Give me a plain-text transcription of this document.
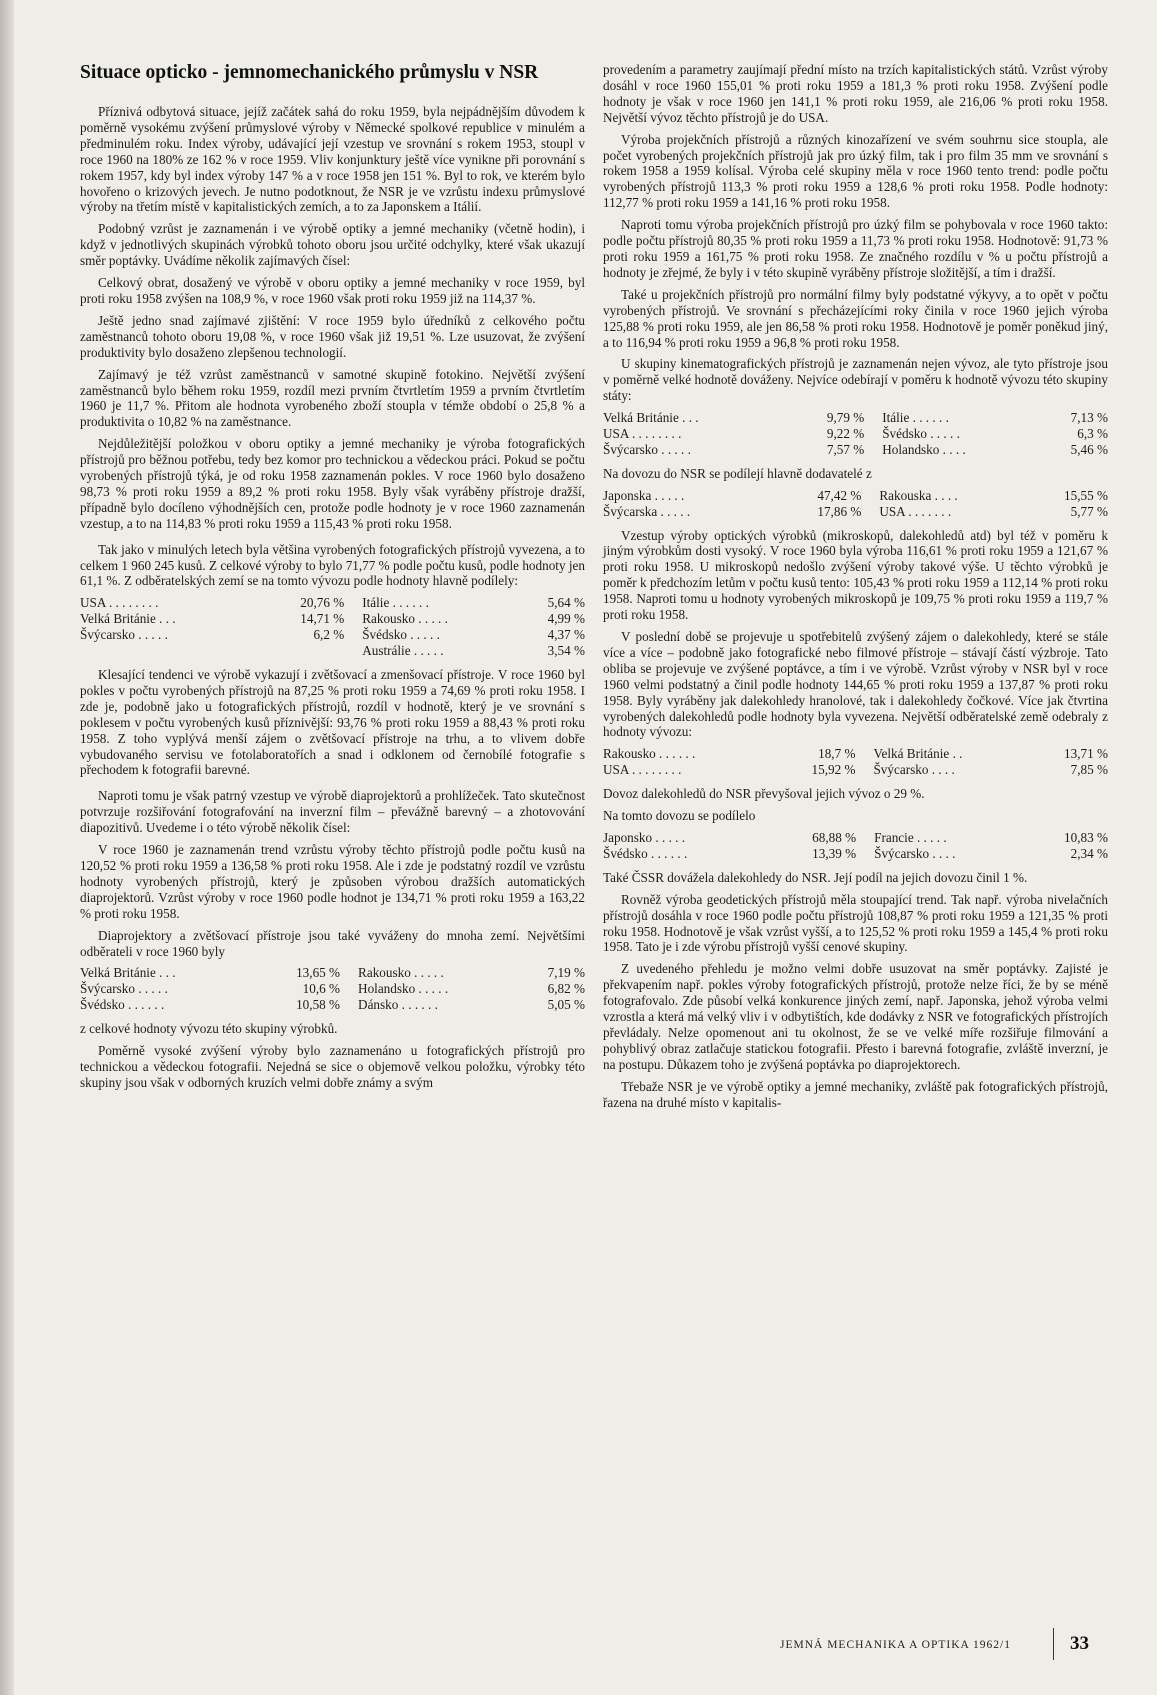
Situace opticko - jemnomechanického průmyslu v NSR

Příznivá odbytová situace, jejíž začátek sahá do roku 1959, byla nejpádnějším důvodem k poměrně vysokému zvýšení průmyslové výroby v Německé spolkové republice v minulém a předminulém roku. Index výroby, udávající její vzestup ve srovnání s rokem 1953, stoupl v roce 1960 na 180% ze 162 % v roce 1959. Vliv konjunktury ještě více vynikne při porovnání s rokem 1957, kdy byl index výroby 147 % a v roce 1958 jen 151 %. Byl to rok, ve kterém bylo hovořeno o krizových jevech. Je nutno podotknout, že NSR je ve vzrůstu indexu průmyslové výroby na třetím místě v kapitalistických zemích, a to za Japonskem a Itálií.

Podobný vzrůst je zaznamenán i ve výrobě optiky a jemné mechaniky (včetně hodin), i když v jednotlivých skupinách výrobků tohoto oboru jsou určité odchylky, které však ukazují směr poptávky. Uvádíme několik zajímavých čísel:

Celkový obrat, dosažený ve výrobě v oboru optiky a jemné mechaniky v roce 1959, byl proti roku 1958 zvýšen na 108,9 %, v roce 1960 však proti roku 1959 již na 114,37 %.

Ještě jedno snad zajímavé zjištění: V roce 1959 bylo úředníků z celkového počtu zaměstnanců tohoto oboru 19,08 %, v roce 1960 však již 19,51 %. Lze usuzovat, že zvýšení produktivity bylo dosaženo zlepšenou technologií.

Zajímavý je též vzrůst zaměstnanců v samotné skupině fotokino. Největší zvýšení zaměstnanců bylo během roku 1959, rozdíl mezi prvním čtvrtletím 1959 a prvním čtvrtletím 1960 je 11,7 %. Přitom ale hodnota vyrobeného zboží stoupla v témže období o 25,8 % a produktivita o 10,82 % na zaměstnance.

Nejdůležitější položkou v oboru optiky a jemné mechaniky je výroba fotografických přístrojů pro běžnou potřebu, tedy bez komor pro technickou a vědeckou práci. Pokud se počtu vyrobených přístrojů týká, je od roku 1958 zaznamenán pokles. V roce 1960 bylo dosaženo 98,73 % proti roku 1959 a 89,2 % proti roku 1958. Byly však vyráběny přístroje dražší, případně bylo docíleno výhodnějších cen, protože podle hodnoty je v roce 1960 zaznamenán vzestup, a to na 114,83 % proti roku 1959 a 115,43 % proti roku 1958.

Tak jako v minulých letech byla většina vyrobených fotografických přístrojů vyvezena, a to celkem 1 960 245 kusů. Z celkové výroby to bylo 71,77 % podle počtu kusů, podle hodnoty jen 61,1 %. Z odběratelských zemí se na tomto vývozu podle hodnoty hlavně podílely:

USA . . . . . . . .	20,76 %	Itálie . . . . . .	5,64 %
Velká Británie . . .	14,71 %	Rakousko . . . . .	4,99 %
Švýcarsko . . . . .	6,2 %	Švédsko . . . . .	4,37 %
		Austrálie . . . . .	3,54 %

Klesající tendenci ve výrobě vykazují i zvětšovací a zmenšovací přístroje. V roce 1960 byl pokles v počtu vyrobených přístrojů na 87,25 % proti roku 1959 a 74,69 % proti roku 1958. I zde je, podobně jako u fotografických přístrojů, rozdíl v hodnotě, který je ve srovnání s poklesem v počtu vyrobených kusů příznivější: 93,76 % proti roku 1959 a 88,43 % proti roku 1958. Z toho vyplývá menší zájem o zvětšovací přístroje na trhu, a to vlivem dobře vybudovaného servisu ve fotolaboratořích a snad i odklonem od černobílé fotografie s přechodem k fotografii barevné.

Naproti tomu je však patrný vzestup ve výrobě diaprojektorů a prohlížeček. Tato skutečnost potvrzuje rozšiřování fotografování na inverzní film – převážně barevný – a zhotovování diapozitivů. Uvedeme i o této výrobě několik čísel:

V roce 1960 je zaznamenán trend vzrůstu výroby těchto přístrojů podle počtu kusů na 120,52 % proti roku 1959 a 136,58 % proti roku 1958. Ale i zde je podstatný rozdíl ve vzrůstu hodnoty vyrobených přístrojů, který je způsoben výrobou dražších automatických diaprojektorů. Vzrůst výroby v roce 1960 podle hodnot je 134,71 % proti roku 1959 a 163,22 % proti roku 1958.

Diaprojektory a zvětšovací přístroje jsou také vyváženy do mnoha zemí. Největšími odběrateli v roce 1960 byly

Velká Británie . . .	13,65 %	Rakousko . . . . .	7,19 %
Švýcarsko . . . . .	10,6 %	Holandsko . . . . .	6,82 %
Švédsko . . . . . .	10,58 %	Dánsko . . . . . .	5,05 %

z celkové hodnoty vývozu této skupiny výrobků.

Poměrně vysoké zvýšení výroby bylo zaznamenáno u fotografických přístrojů pro technickou a vědeckou fotografii. Nejedná se sice o objemově velkou položku, výrobky této skupiny jsou však v odborných kruzích velmi dobře známy a svým

provedením a parametry zaujímají přední místo na trzích kapitalistických států. Vzrůst výroby dosáhl v roce 1960 155,01 % proti roku 1959 a 181,3 % proti roku 1958. Zvýšení podle hodnoty je však v roce 1960 jen 141,1 % proti roku 1959, ale 216,06 % proti roku 1958. Největší vývoz těchto přístrojů je do USA.

Výroba projekčních přístrojů a různých kinozařízení ve svém souhrnu sice stoupla, ale počet vyrobených projekčních přístrojů jak pro úzký film, tak i pro film 35 mm ve srovnání s rokem 1958 a 1959 kolísal. Výroba celé skupiny měla v roce 1960 tento trend: podle počtu vyrobených přístrojů 113,3 % proti roku 1959 a 128,6 % proti roku 1958. Podle hodnoty: 112,77 % proti roku 1959 a 141,16 % proti roku 1958.

Naproti tomu výroba projekčních přístrojů pro úzký film se pohybovala v roce 1960 takto: podle počtu přístrojů 80,35 % proti roku 1959 a 11,73 % proti roku 1958. Hodnotově: 91,73 % proti roku 1959 a 161,75 % proti roku 1958. Ze značného rozdílu v % u počtu přístrojů a hodnoty je zřejmé, že byly i v této skupině vyráběny přístroje složitější, a tím i dražší.

Také u projekčních přístrojů pro normální filmy byly podstatné výkyvy, a to opět v počtu vyrobených přístrojů. Ve srovnání s přecházejícími roky činila v roce 1960 jejich výroba 125,88 % proti roku 1959, ale jen 86,58 % proti roku 1958. Hodnotově je poměr poněkud jiný, a to 116,94 % proti roku 1959 a 96,8 % proti roku 1958.

U skupiny kinematografických přístrojů je zaznamenán nejen vývoz, ale tyto přístroje jsou v poměrně velké hodnotě dováženy. Nejvíce odebírají v poměru k hodnotě vývozu této skupiny státy:

Velká Británie . . .	9,79 %	Itálie . . . . . .	7,13 %
USA . . . . . . . .	9,22 %	Švédsko . . . . .	6,3 %
Švýcarsko . . . . .	7,57 %	Holandsko . . . .	5,46 %

Na dovozu do NSR se podílejí hlavně dodavatelé z

Japonska . . . . .	47,42 %	Rakouska . . . .	15,55 %
Švýcarska . . . . .	17,86 %	USA . . . . . . .	5,77 %

Vzestup výroby optických výrobků (mikroskopů, dalekohledů atd) byl též v poměru k jiným výrobkům dosti vysoký. V roce 1960 byla výroba 116,61 % proti roku 1959 a 121,67 % proti roku 1958. U mikroskopů nedošlo zvýšení výroby takové výše. U těchto výrobků je poměr k předchozím letům v počtu kusů tento: 105,43 % proti roku 1959 a 112,14 % proti roku 1958. Naproti tomu u hodnoty vyrobených mikroskopů je 109,75 % proti roku 1959 a 119,7 % proti roku 1958.

V poslední době se projevuje u spotřebitelů zvýšený zájem o dalekohledy, které se stále více a více – podobně jako fotografické nebo filmové přístroje – stávají částí výzbroje. Tato obliba se projevuje ve zvýšené poptávce, a tím i ve výrobě. Vzrůst výroby v NSR byl v roce 1960 velmi podstatný a činil podle hodnoty 144,65 % proti roku 1959 a 137,87 % proti roku 1958. Byly vyráběny jak dalekohledy hranolové, tak i dalekohledy čočkové. Více jak čtvrtina vyrobených dalekohledů podle hodnoty byla vyvezena. Největší odběratelské země odebraly z hodnoty vývozu:

Rakousko . . . . . .	18,7 %	Velká Británie . .	13,71 %
USA . . . . . . . .	15,92 %	Švýcarsko . . . .	7,85 %

Dovoz dalekohledů do NSR převyšoval jejich vývoz o 29 %.

Na tomto dovozu se podílelo

Japonsko . . . . .	68,88 %	Francie . . . . .	10,83 %
Švédsko . . . . . .	13,39 %	Švýcarsko . . . .	2,34 %

Také ČSSR dovážela dalekohledy do NSR. Její podíl na jejich dovozu činil 1 %.

Rovněž výroba geodetických přístrojů měla stoupající trend. Tak např. výroba nivelačních přístrojů dosáhla v roce 1960 podle počtu přístrojů 108,87 % proti roku 1959 a 121,35 % proti roku 1958. Hodnotově je však vzrůst vyšší, a to 125,52 % proti roku 1959 a 145,4 % proti roku 1958. Tato je i zde výrobu přístrojů vyšší cenové skupiny.

Z uvedeného přehledu je možno velmi dobře usuzovat na směr poptávky. Zajisté je překvapením např. pokles výroby fotografických přístrojů, protože nelze říci, že by se méně fotografovalo. Zde působí velká konkurence jiných zemí, např. Japonska, jehož výroba velmi vzrostla a která má velký vliv i v odbytištích, kde dodávky z NSR ve fotografických přístrojích převládaly. Nelze opomenout ani tu okolnost, že se ve velké míře rozšiřuje filmování a pohyblivý obraz zatlačuje statickou fotografii. Přesto i barevná fotografie, zvláště inverzní, je na postupu. Důkazem toho je zvýšená poptávka po diaprojektorech.

Třebaže NSR je ve výrobě optiky a jemné mechaniky, zvláště pak fotografických přístrojů, řazena na druhé místo v kapitalis-

JEMNÁ MECHANIKA A OPTIKA 1962/1	33
